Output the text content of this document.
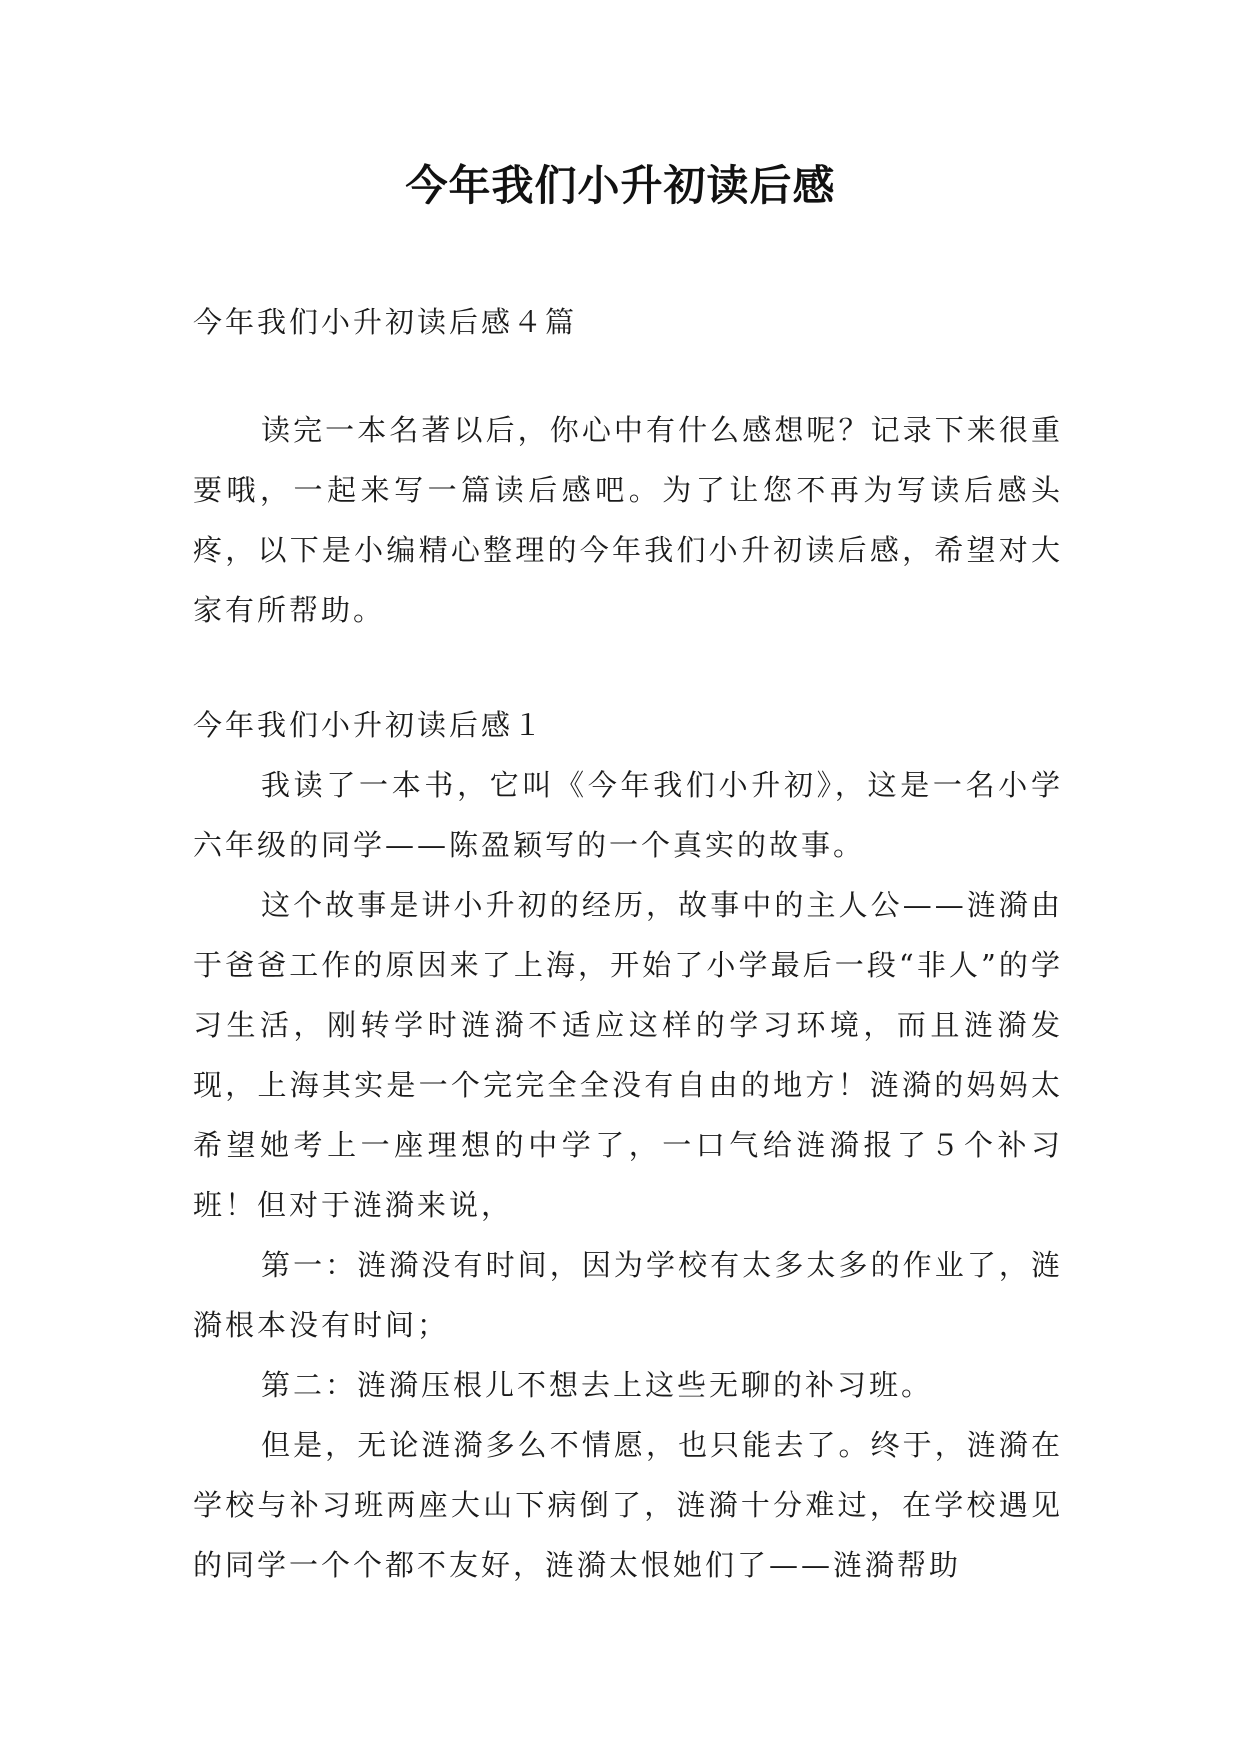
今年我们小升初读后感
今年我们小升初读后感４篇

读完一本名著以后，你心中有什么感想呢？记录下来很重要哦，一起来写一篇读后感吧。为了让您不再为写读后感头疼，以下是小编精心整理的今年我们小升初读后感，希望对大家有所帮助。

今年我们小升初读后感１

我读了一本书，它叫《今年我们小升初》，这是一名小学六年级的同学——陈盈颖写的一个真实的故事。

这个故事是讲小升初的经历，故事中的主人公——涟漪由于爸爸工作的原因来了上海，开始了小学最后一段“非人”的学习生活，刚转学时涟漪不适应这样的学习环境，而且涟漪发现，上海其实是一个完完全全没有自由的地方！涟漪的妈妈太希望她考上一座理想的中学了，一口气给涟漪报了５个补习班！但对于涟漪来说，

第一：涟漪没有时间，因为学校有太多太多的作业了，涟漪根本没有时间；

第二：涟漪压根儿不想去上这些无聊的补习班。

但是，无论涟漪多么不情愿，也只能去了。终于，涟漪在学校与补习班两座大山下病倒了，涟漪十分难过，在学校遇见的同学一个个都不友好，涟漪太恨她们了——涟漪帮助
